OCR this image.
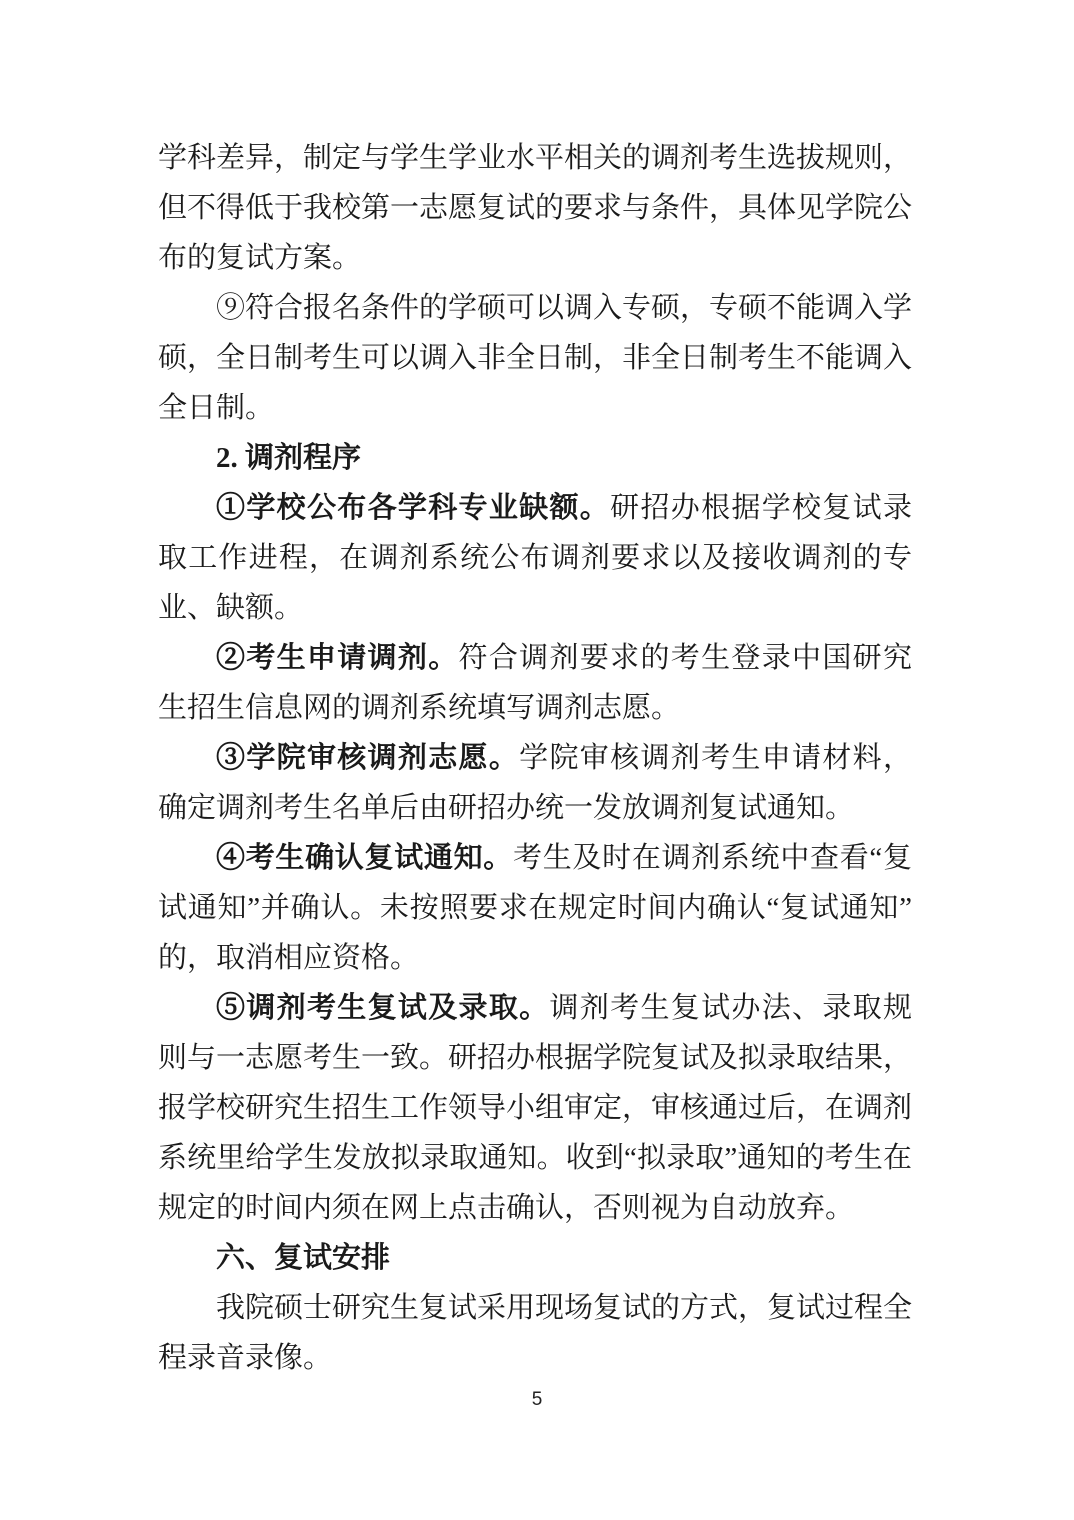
学科差异，制定与学生学业水平相关的调剂考生选拔规则，但不得低于我校第一志愿复试的要求与条件，具体见学院公布的复试方案。

⑨符合报名条件的学硕可以调入专硕，专硕不能调入学硕，全日制考生可以调入非全日制，非全日制考生不能调入全日制。

2. 调剂程序

①学校公布各学科专业缺额。研招办根据学校复试录取工作进程，在调剂系统公布调剂要求以及接收调剂的专业、缺额。

②考生申请调剂。符合调剂要求的考生登录中国研究生招生信息网的调剂系统填写调剂志愿。

③学院审核调剂志愿。学院审核调剂考生申请材料，确定调剂考生名单后由研招办统一发放调剂复试通知。

④考生确认复试通知。考生及时在调剂系统中查看“复试通知”并确认。未按照要求在规定时间内确认“复试通知”的，取消相应资格。

⑤调剂考生复试及录取。调剂考生复试办法、录取规则与一志愿考生一致。研招办根据学院复试及拟录取结果，报学校研究生招生工作领导小组审定，审核通过后，在调剂系统里给学生发放拟录取通知。收到“拟录取”通知的考生在规定的时间内须在网上点击确认，否则视为自动放弃。

六、复试安排

我院硕士研究生复试采用现场复试的方式，复试过程全程录音录像。

5
